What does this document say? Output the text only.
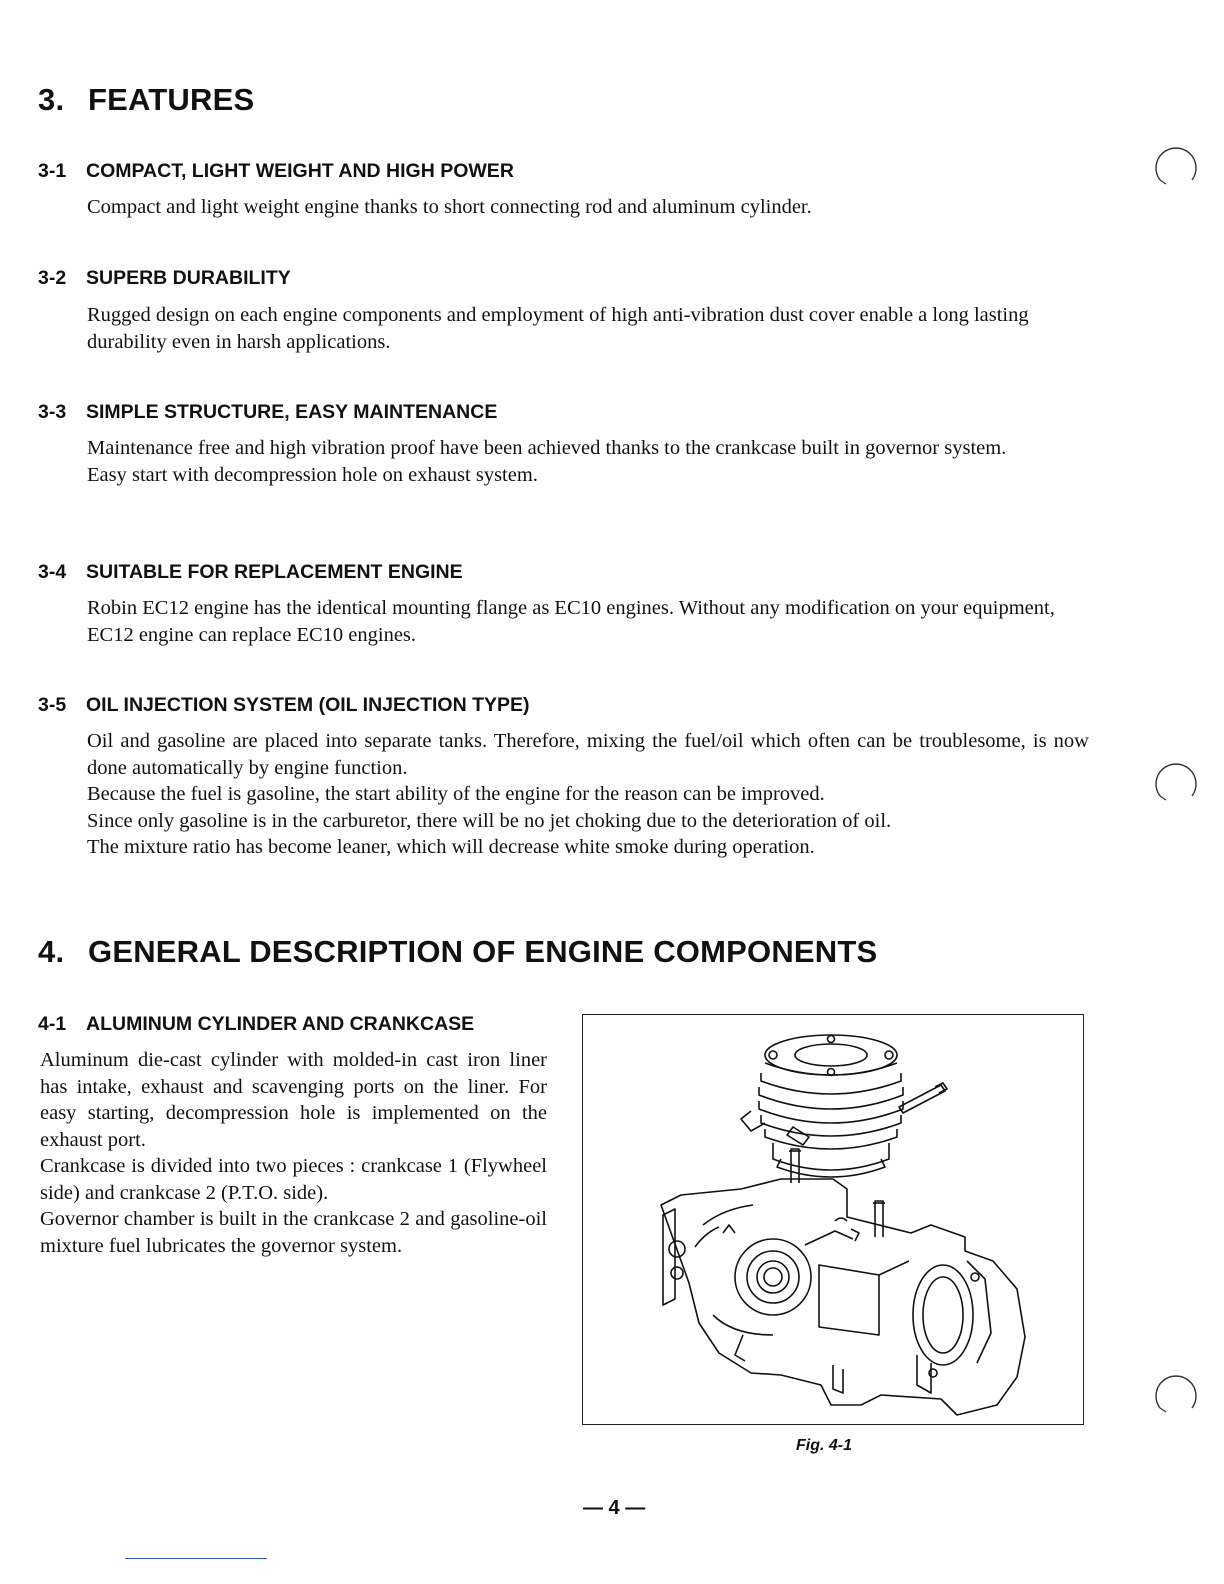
3. FEATURES
3-1 COMPACT, LIGHT WEIGHT AND HIGH POWER

Compact and light weight engine thanks to short connecting rod and aluminum cylinder.

3-2 SUPERB DURABILITY

Rugged design on each engine components and employment of high anti-vibration dust cover enable a long lasting durability even in harsh applications.

3-3 SIMPLE STRUCTURE, EASY MAINTENANCE

Maintenance free and high vibration proof have been achieved thanks to the crankcase built in governor system.

Easy start with decompression hole on exhaust system.

3-4 SUITABLE FOR REPLACEMENT ENGINE

Robin EC12 engine has the identical mounting flange as EC10 engines. Without any modification on your equipment, EC12 engine can replace EC10 engines.

3-5 OIL INJECTION SYSTEM (OIL INJECTION TYPE)

Oil and gasoline are placed into separate tanks. Therefore, mixing the fuel/oil which often can be troublesome, is now done automatically by engine function.

Because the fuel is gasoline, the start ability of the engine for the reason can be improved.

Since only gasoline is in the carburetor, there will be no jet choking due to the deterioration of oil.

The mixture ratio has become leaner, which will decrease white smoke during operation.

4. GENERAL DESCRIPTION OF ENGINE COMPONENTS
4-1 ALUMINUM CYLINDER AND CRANKCASE

Aluminum die-cast cylinder with molded-in cast iron liner has intake, exhaust and scavenging ports on the liner. For easy starting, decompression hole is implemented on the exhaust port.

Crankcase is divided into two pieces : crankcase 1 (Flywheel side) and crankcase 2 (P.T.O. side).

Governor chamber is built in the crankcase 2 and gasoline-oil mixture fuel lubricates the governor system.

Fig. 4-1
— 4 —
